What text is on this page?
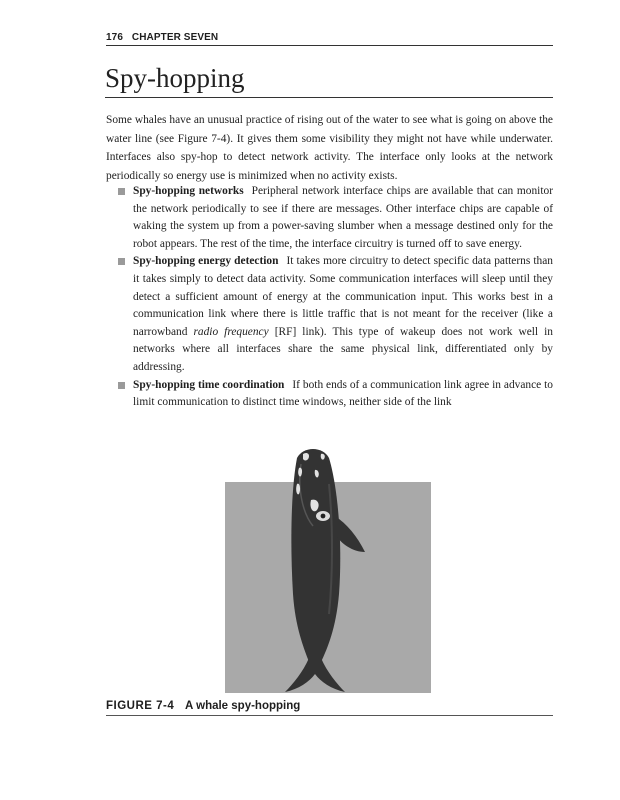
176 CHAPTER SEVEN
Spy-hopping

Some whales have an unusual practice of rising out of the water to see what is going on above the water line (see Figure 7-4). It gives them some visibility they might not have while underwater. Interfaces also spy-hop to detect network activity. The interface only looks at the network periodically so energy use is minimized when no activity exists.

Spy-hopping networks Peripheral network interface chips are available that can monitor the network periodically to see if there are messages. Other interface chips are capable of waking the system up from a power-saving slumber when a message destined only for the robot appears. The rest of the time, the interface circuitry is turned off to save energy.
Spy-hopping energy detection It takes more circuitry to detect specific data patterns than it takes simply to detect data activity. Some communication interfaces will sleep until they detect a sufficient amount of energy at the communication input. This works best in a communication link where there is little traffic that is not meant for the receiver (like a narrowband radio frequency [RF] link). This type of wakeup does not work well in networks where all interfaces share the same physical link, differentiated only by addressing.
Spy-hopping time coordination If both ends of a communication link agree in advance to limit communication to distinct time windows, neither side of the link
FIGURE 7-4 A whale spy-hopping
